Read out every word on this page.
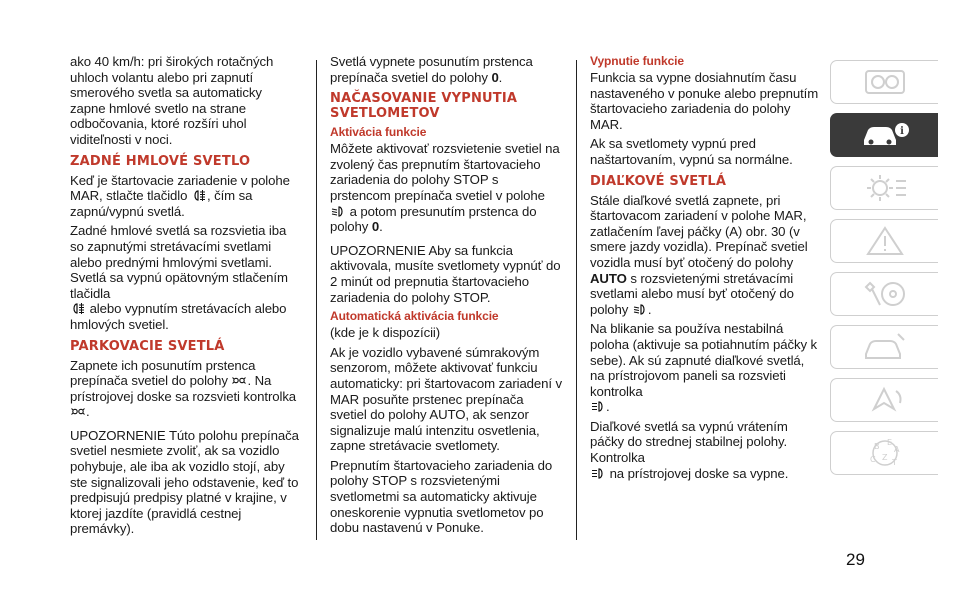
ako 40 km/h: pri širokých rotačných uhloch volantu alebo pri zapnutí smerového svetla sa automaticky zapne hmlové svetlo na strane odbočovania, ktoré rozšíri uhol viditeľnosti v noci.

ZADNÉ HMLOVÉ SVETLO

Keď je štartovacie zariadenie v polohe MAR, stlačte tlačidlo , čím sa zapnú/vypnú svetlá.

Zadné hmlové svetlá sa rozsvietia iba so zapnutými stretávacími svetlami alebo prednými hmlovými svetlami. Svetlá sa vypnú opätovným stlačením tlačidla

alebo vypnutím stretávacích alebo hmlových svetiel.

PARKOVACIE SVETLÁ

Zapnete ich posunutím prstenca prepínača svetiel do polohy . Na prístrojovej doske sa rozsvieti kontrolka

.

UPOZORNENIE Túto polohu prepínača svetiel nesmiete zvoliť, ak sa vozidlo pohybuje, ale iba ak vozidlo stojí, aby ste signalizovali jeho odstavenie, keď to predpisujú predpisy platné v krajine, v ktorej jazdíte (pravidlá cestnej premávky).

Svetlá vypnete posunutím prstenca prepínača svetiel do polohy 0.

NAČASOVANIE VYPNUTIA SVETLOMETOV
Aktivácia funkcie

Môžete aktivovať rozsvietenie svetiel na zvolený čas prepnutím štartovacieho zariadenia do polohy STOP s prstencom prepínača svetiel v polohe
a potom presunutím prstenca do polohy 0.

UPOZORNENIE Aby sa funkcia aktivovala, musíte svetlomety vypnúť do 2 minút od prepnutia štartovacieho zariadenia do polohy STOP.

Automatická aktivácia funkcie

(kde je k dispozícii)

Ak je vozidlo vybavené súmrakovým senzorom, môžete aktivovať funkciu automaticky: pri štartovacom zariadení v MAR posuňte prstenec prepínača svetiel do polohy AUTO, ak senzor signalizuje malú intenzitu osvetlenia, zapne stretávacie svetlomety.

Prepnutím štartovacieho zariadenia do polohy STOP s rozsvietenými svetlometmi sa automaticky aktivuje oneskorenie vypnutia svetlometov po dobu nastavenú v Ponuke.

Vypnutie funkcie

Funkcia sa vypne dosiahnutím času nastaveného v ponuke alebo prepnutím štartovacieho zariadenia do polohy MAR.

Ak sa svetlomety vypnú pred naštartovaním, vypnú sa normálne.

DIAĽKOVÉ SVETLÁ

Stále diaľkové svetlá zapnete, pri štartovacom zariadení v polohe MAR, zatlačením ľavej páčky (A) obr. 30 (v smere jazdy vozidla). Prepínač svetiel vozidla musí byť otočený do polohy AUTO s rozsvietenými stretávacími svetlami alebo musí byť otočený do polohy .

Na blikanie sa používa nestabilná poloha (aktivuje sa potiahnutím páčky k sebe). Ak sú zapnuté diaľkové svetlá, na prístrojovom paneli sa rozsvieti kontrolka

.

Diaľkové svetlá sa vypnú vrátením páčky do strednej stabilnej polohy. Kontrolka

na prístrojovej doske sa vypne.

i
B E
A
C Z
T
29
